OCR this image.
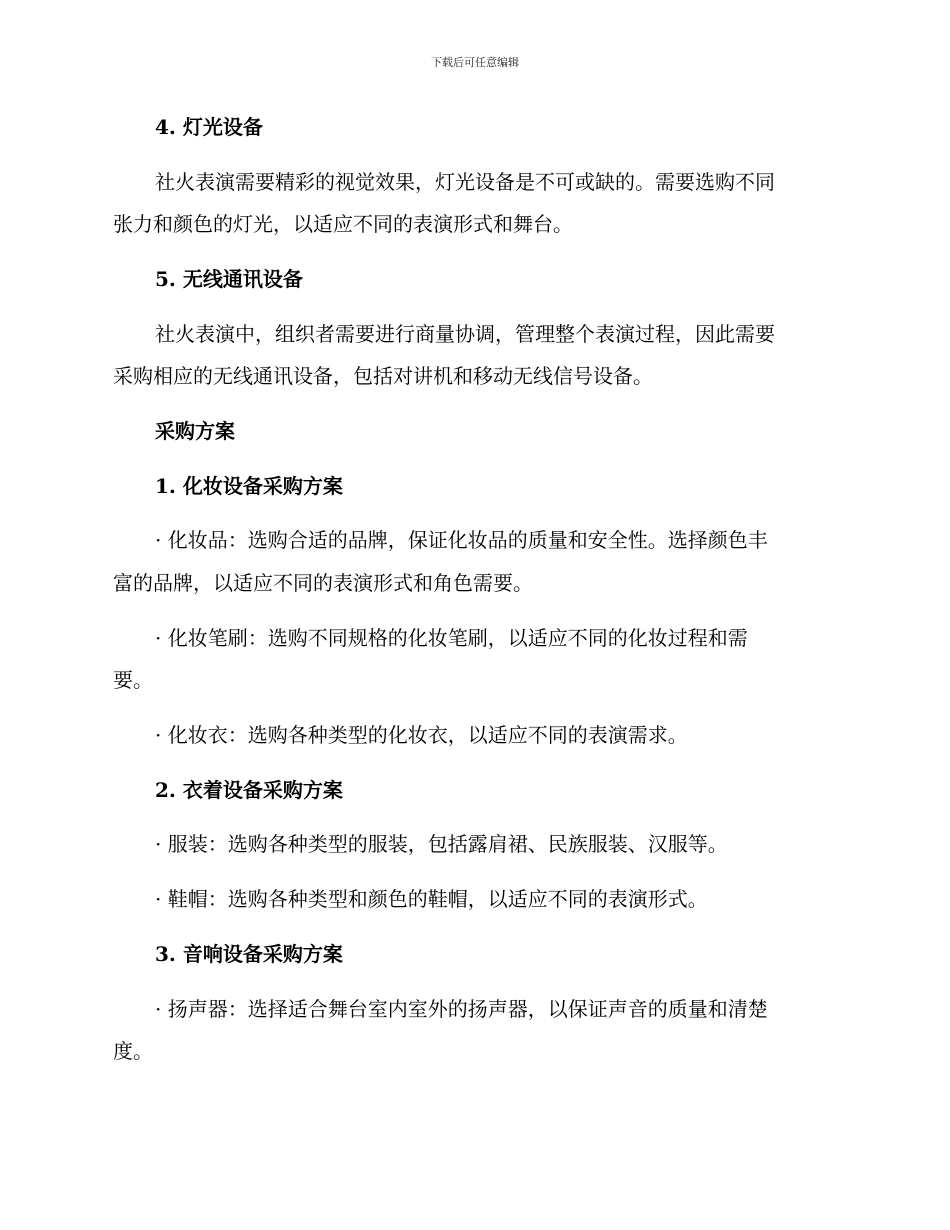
下载后可任意编辑

4. 灯光设备

社火表演需要精彩的视觉效果，灯光设备是不可或缺的。需要选购不同

张力和颜色的灯光，以适应不同的表演形式和舞台。

5. 无线通讯设备

社火表演中，组织者需要进行商量协调，管理整个表演过程，因此需要

采购相应的无线通讯设备，包括对讲机和移动无线信号设备。

采购方案

1. 化妆设备采购方案

· 化妆品：选购合适的品牌，保证化妆品的质量和安全性。选择颜色丰

富的品牌，以适应不同的表演形式和角色需要。

· 化妆笔刷：选购不同规格的化妆笔刷，以适应不同的化妆过程和需

要。

· 化妆衣：选购各种类型的化妆衣，以适应不同的表演需求。

2. 衣着设备采购方案

· 服装：选购各种类型的服装，包括露肩裙、民族服装、汉服等。

· 鞋帽：选购各种类型和颜色的鞋帽，以适应不同的表演形式。

3. 音响设备采购方案

· 扬声器：选择适合舞台室内室外的扬声器，以保证声音的质量和清楚

度。
